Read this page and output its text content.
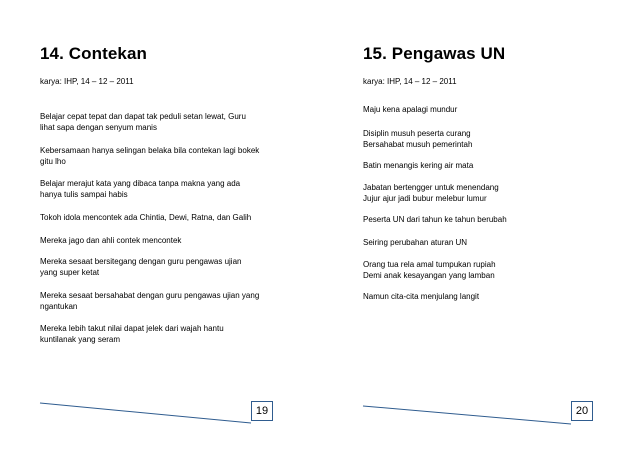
14. Contekan
karya: IHP, 14 – 12 – 2011
Belajar cepat tepat dan dapat tak peduli setan lewat, Guru
lihat sapa dengan senyum manis
Kebersamaan hanya selingan belaka bila contekan lagi bokek
gitu lho
Belajar merajut kata yang dibaca tanpa makna yang ada
hanya tulis sampai habis
Tokoh idola mencontek ada Chintia, Dewi, Ratna, dan Galih
Mereka jago dan ahli contek mencontek
Mereka sesaat bersitegang dengan guru pengawas ujian
yang super ketat
Mereka sesaat bersahabat dengan guru pengawas ujian yang
ngantukan
Mereka lebih takut nilai dapat jelek dari wajah hantu
kuntilanak yang seram
19
15. Pengawas UN
karya: IHP, 14 – 12 – 2011
Maju kena apalagi mundur
Disiplin musuh peserta curang
Bersahabat musuh pemerintah
Batin menangis kering air mata
Jabatan bertengger untuk menendang
Jujur ajur jadi bubur melebur lumur
Peserta UN dari tahun ke tahun berubah
Seiring perubahan aturan UN
Orang tua rela amal tumpukan rupiah
Demi anak kesayangan yang lamban
Namun cita-cita menjulang langit
20
